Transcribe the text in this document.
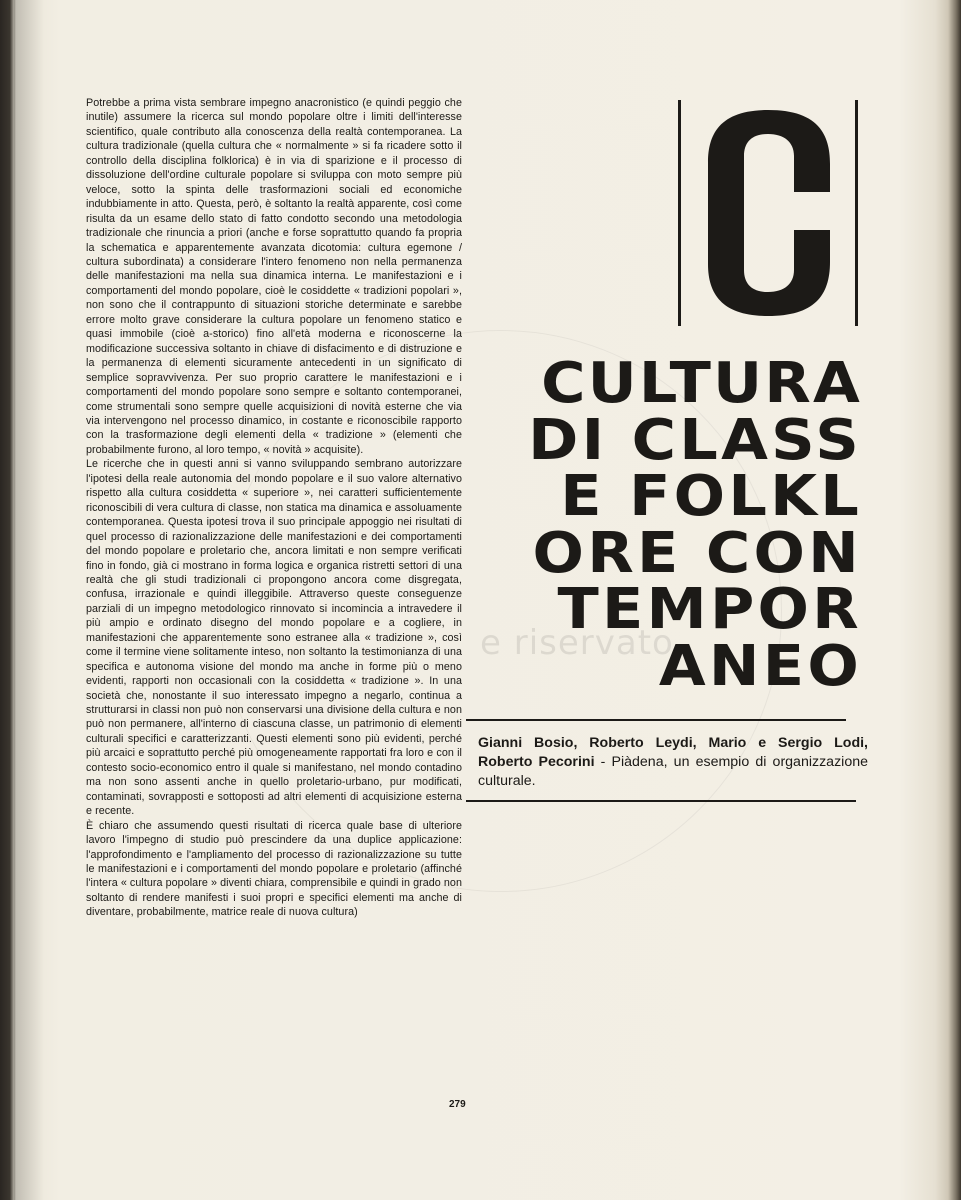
e riservato

Potrebbe a prima vista sembrare impegno anacronistico (e quindi peggio che inutile) assumere la ricerca sul mondo popolare oltre i limiti dell'interesse scientifico, quale contributo alla conoscenza della realtà contemporanea. La cultura tradizionale (quella cultura che « normalmente » si fa ricadere sotto il controllo della disciplina folklorica) è in via di sparizione e il processo di dissoluzione dell'ordine culturale popolare si sviluppa con moto sempre più veloce, sotto la spinta delle trasformazioni sociali ed economiche indubbiamente in atto. Questa, però, è soltanto la realtà apparente, così come risulta da un esame dello stato di fatto condotto secondo una metodologia tradizionale che rinuncia a priori (anche e forse soprattutto quando fa propria la schematica e apparentemente avanzata dicotomia: cultura egemone / cultura subordinata) a considerare l'intero fenomeno non nella permanenza delle manifestazioni ma nella sua dinamica interna. Le manifestazioni e i comportamenti del mondo popolare, cioè le cosiddette « tradizioni popolari », non sono che il contrappunto di situazioni storiche determinate e sarebbe errore molto grave considerare la cultura popolare un fenomeno statico e quasi immobile (cioè a-storico) fino all'età moderna e riconoscerne la modificazione successiva soltanto in chiave di disfacimento e di distruzione e la permanenza di elementi sicuramente antecedenti in un significato di semplice sopravvivenza. Per suo proprio carattere le manifestazioni e i comportamenti del mondo popolare sono sempre e soltanto contemporanei, come strumentali sono sempre quelle acquisizioni di novità esterne che via via intervengono nel processo dinamico, in costante e riconoscibile rapporto con la trasformazione degli elementi della « tradizione » (elementi che probabilmente furono, al loro tempo, « novità » acquisite).

Le ricerche che in questi anni si vanno sviluppando sembrano autorizzare l'ipotesi della reale autonomia del mondo popolare e il suo valore alternativo rispetto alla cultura cosiddetta « superiore », nei caratteri sufficientemente riconoscibili di vera cultura di classe, non statica ma dinamica e assoluamente contemporanea. Questa ipotesi trova il suo principale appoggio nei risultati di quel processo di razionalizzazione delle manifestazioni e dei comportamenti del mondo popolare e proletario che, ancora limitati e non sempre verificati fino in fondo, già ci mostrano in forma logica e organica ristretti settori di una realtà che gli studi tradizionali ci propongono ancora come disgregata, confusa, irrazionale e quindi illeggibile. Attraverso queste conseguenze parziali di un impegno metodologico rinnovato si incomincia a intravedere il più ampio e ordinato disegno del mondo popolare e a cogliere, in manifestazioni che apparentemente sono estranee alla « tradizione », così come il termine viene solitamente inteso, non soltanto la testimonianza di una specifica e autonoma visione del mondo ma anche in forme più o meno evidenti, rapporti non occasionali con la cosiddetta « tradizione ». In una società che, nonostante il suo interessato impegno a negarlo, continua a strutturarsi in classi non può non conservarsi una divisione della cultura e non può non permanere, all'interno di ciascuna classe, un patrimonio di elementi culturali specifici e caratterizzanti. Questi elementi sono più evidenti, perché più arcaici e soprattutto perché più omogeneamente rapportati fra loro e con il contesto socio-economico entro il quale si manifestano, nel mondo contadino ma non sono assenti anche in quello proletario-urbano, pur modificati, contaminati, sovrapposti e sottoposti ad altri elementi di acquisizione esterna e recente.

È chiaro che assumendo questi risultati di ricerca quale base di ulteriore lavoro l'impegno di studio può prescindere da una duplice applicazione: l'approfondimento e l'ampliamento del processo di razionalizzazione su tutte le manifestazioni e i comportamenti del mondo popolare e proletario (affinché l'intera « cultura popolare » diventi chiara, comprensibile e quindi in grado non soltanto di rendere manifesti i suoi propri e specifici elementi ma anche di diventare, probabilmente, matrice reale di nuova cultura)

CULTURA
DI CLASS
E FOLKL
ORE CON
TEMPOR
ANEO
Gianni Bosio, Roberto Leydi, Mario e Sergio Lodi, Roberto Pecorini - Piàdena, un esempio di organizzazione culturale.
279
